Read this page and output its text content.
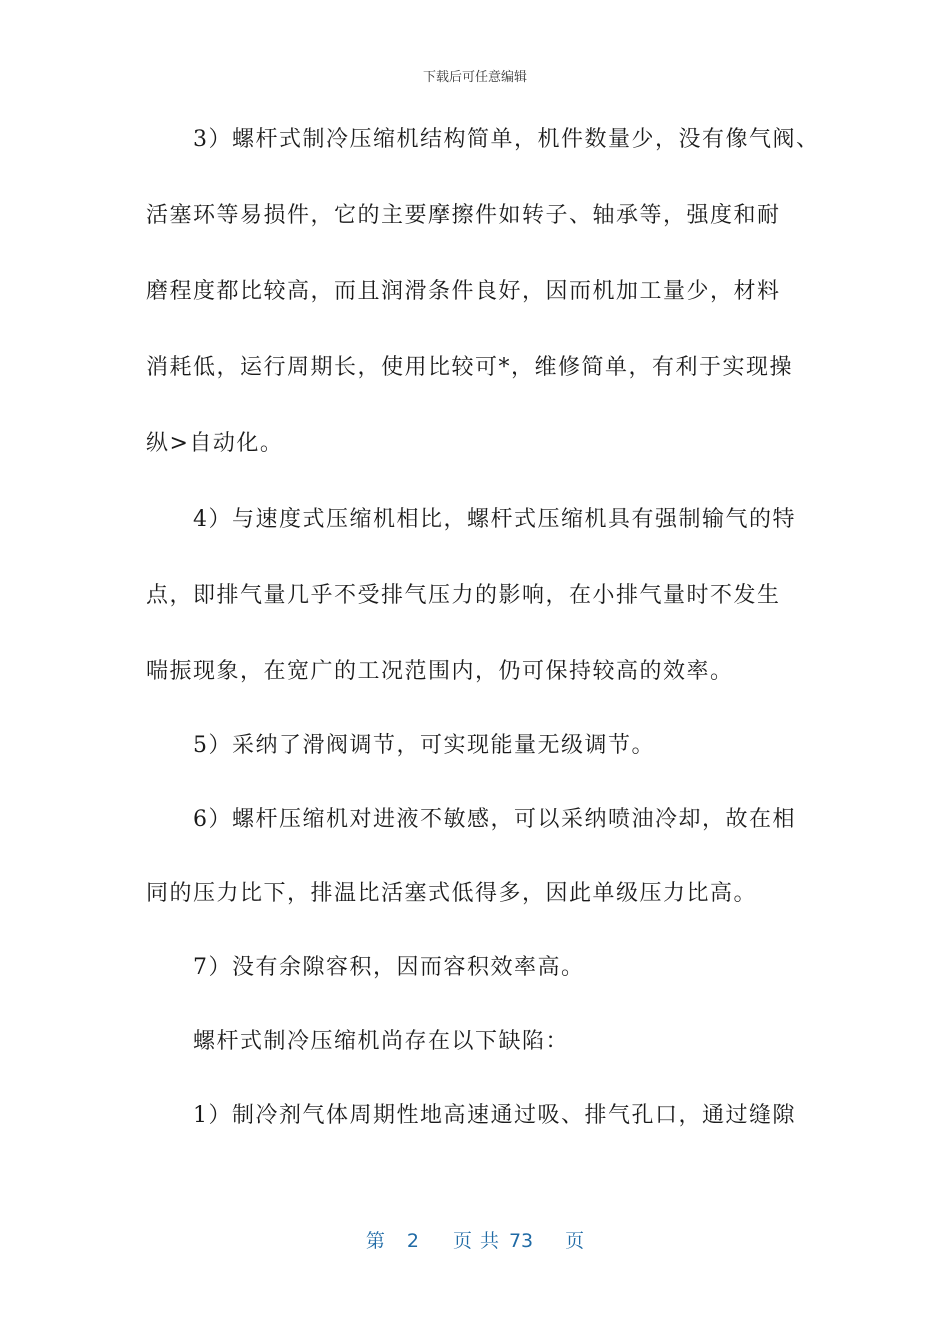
下载后可任意编辑
　　3）螺杆式制冷压缩机结构简单，机件数量少，没有像气阀、
活塞环等易损件，它的主要摩擦件如转子、轴承等，强度和耐
磨程度都比较高，而且润滑条件良好，因而机加工量少，材料
消耗低，运行周期长，使用比较可*，维修简单，有利于实现操
纵>自动化。
　　4）与速度式压缩机相比，螺杆式压缩机具有强制输气的特
点，即排气量几乎不受排气压力的影响，在小排气量时不发生
喘振现象，在宽广的工况范围内，仍可保持较高的效率。
　　5）采纳了滑阀调节，可实现能量无级调节。
　　6）螺杆压缩机对进液不敏感，可以采纳喷油冷却，故在相
同的压力比下，排温比活塞式低得多，因此单级压力比高。
　　7）没有余隙容积，因而容积效率高。
　　螺杆式制冷压缩机尚存在以下缺陷：
　　1）制冷剂气体周期性地高速通过吸、排气孔口，通过缝隙
第 2 页 共 73 页
